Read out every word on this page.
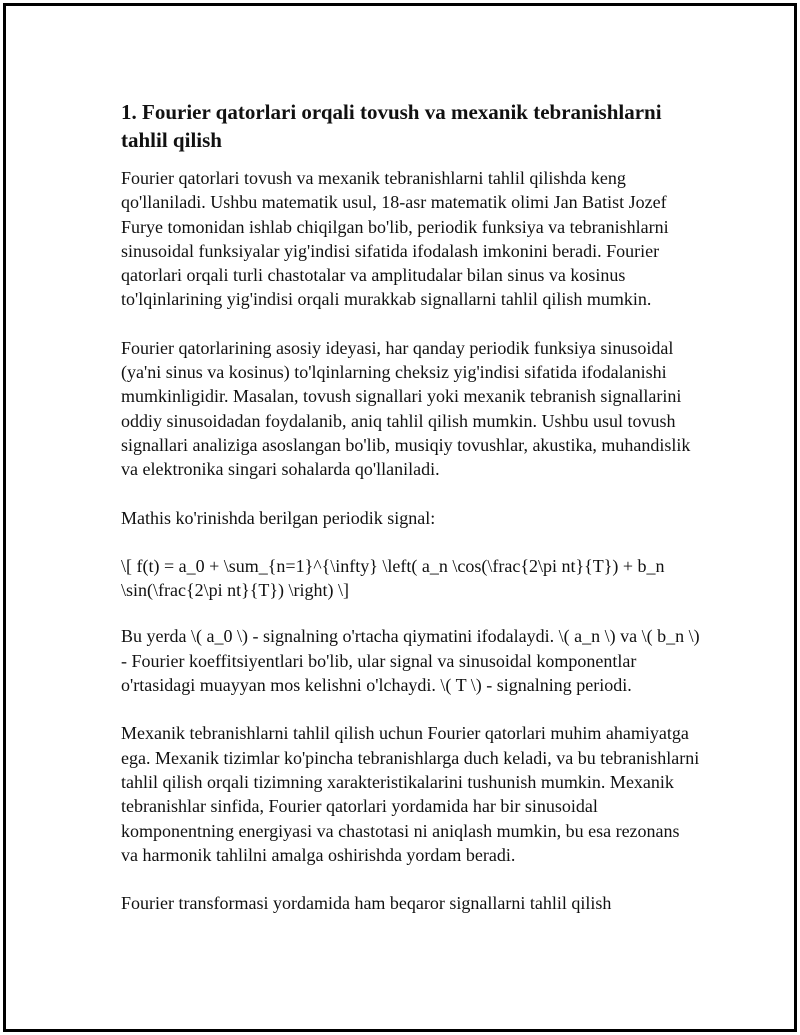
1. Fourier qatorlari orqali tovush va mexanik tebranishlarni tahlil qilish

Fourier qatorlari tovush va mexanik tebranishlarni tahlil qilishda keng qo'llaniladi. Ushbu matematik usul, 18-asr matematik olimi Jan Batist Jozef Furye tomonidan ishlab chiqilgan bo'lib, periodik funksiya va tebranishlarni sinusoidal funksiyalar yig'indisi sifatida ifodalash imkonini beradi. Fourier qatorlari orqali turli chastotalar va amplitudalar bilan sinus va kosinus to'lqinlarining yig'indisi orqali murakkab signallarni tahlil qilish mumkin.

Fourier qatorlarining asosiy ideyasi, har qanday periodik funksiya sinusoidal (ya'ni sinus va kosinus) to'lqinlarning cheksiz yig'indisi sifatida ifodalanishi mumkinligidir. Masalan, tovush signallari yoki mexanik tebranish signallarini oddiy sinusoidadan foydalanib, aniq tahlil qilish mumkin. Ushbu usul tovush signallari analiziga asoslangan bo'lib, musiqiy tovushlar, akustika, muhandislik va elektronika singari sohalarda qo'llaniladi.

Mathis ko'rinishda berilgan periodik signal:

\[ f(t) = a_0 + \sum_{n=1}^{\infty} \left( a_n \cos(\frac{2\pi nt}{T}) + b_n \sin(\frac{2\pi nt}{T}) \right) \]

Bu yerda \( a_0 \) - signalning o'rtacha qiymatini ifodalaydi. \( a_n \) va \( b_n \) - Fourier koeffitsiyentlari bo'lib, ular signal va sinusoidal komponentlar o'rtasidagi muayyan mos kelishni o'lchaydi. \( T \) - signalning periodi.

Mexanik tebranishlarni tahlil qilish uchun Fourier qatorlari muhim ahamiyatga ega. Mexanik tizimlar ko'pincha tebranishlarga duch keladi, va bu tebranishlarni tahlil qilish orqali tizimning xarakteristikalarini tushunish mumkin. Mexanik tebranishlar sinfida, Fourier qatorlari yordamida har bir sinusoidal komponentning energiyasi va chastotasi ni aniqlash mumkin, bu esa rezonans va harmonik tahlilni amalga oshirishda yordam beradi.

Fourier transformasi yordamida ham beqaror signallarni tahlil qilish
